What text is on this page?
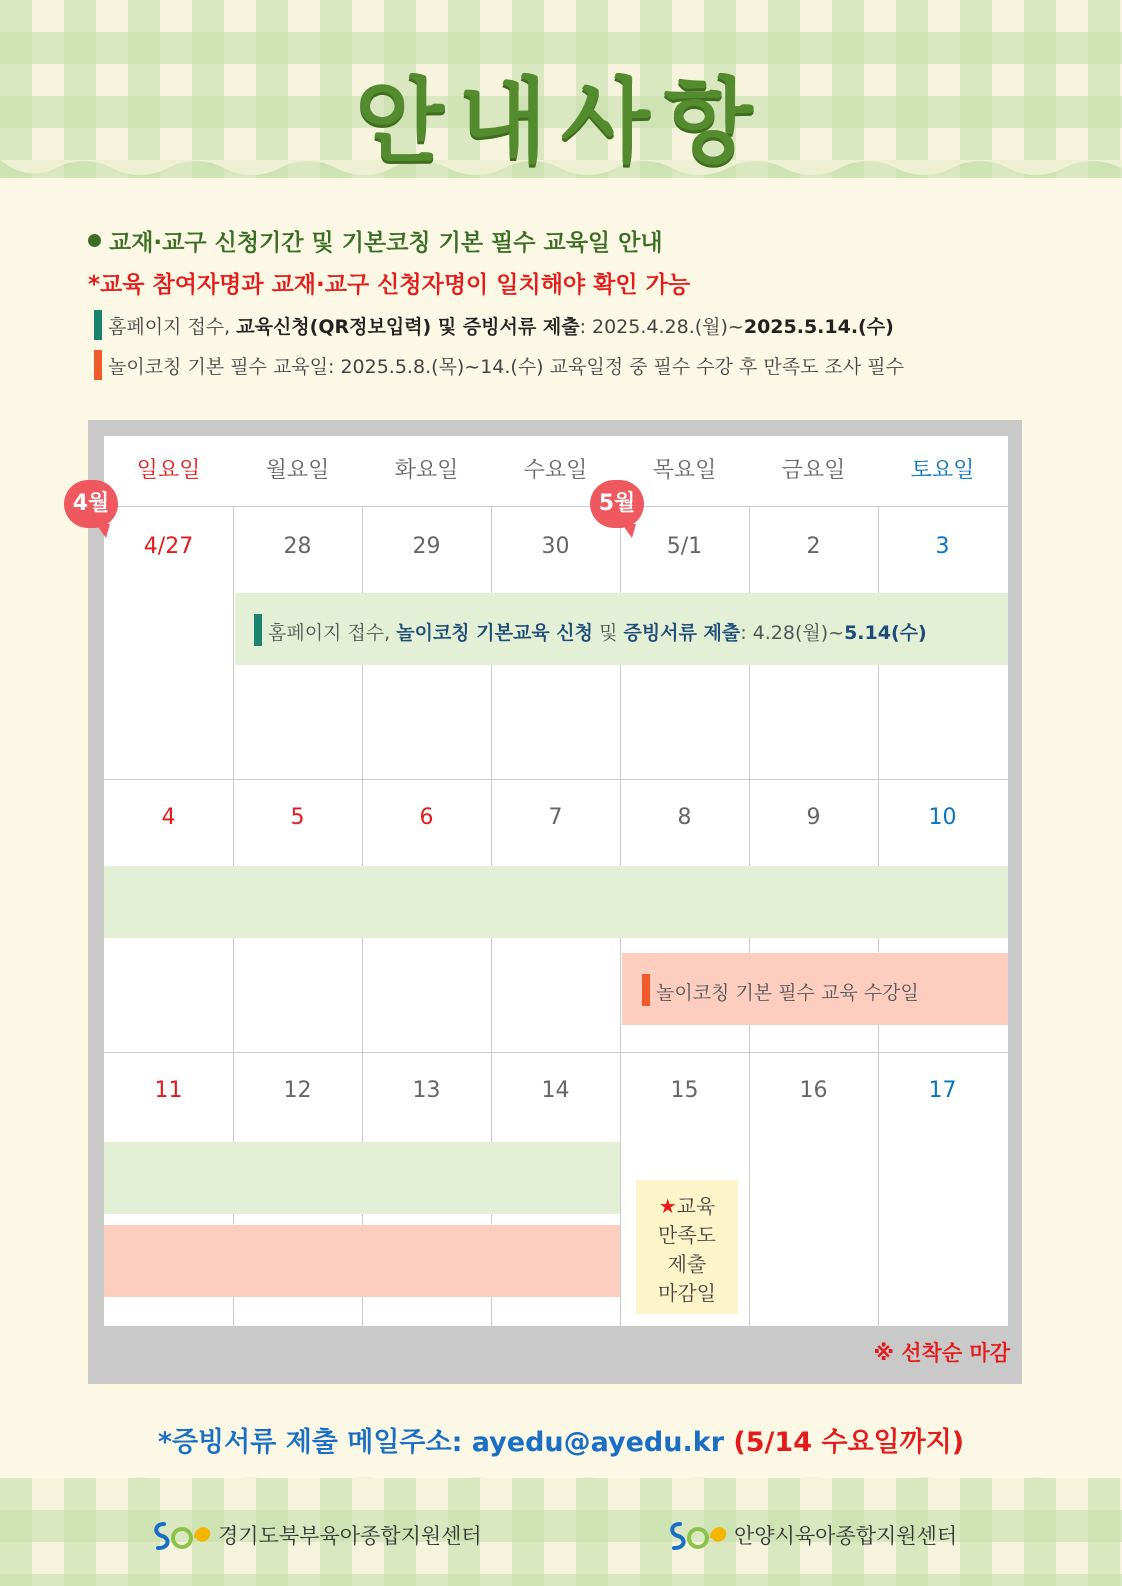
안내사항
교재·교구 신청기간 및 기본코칭 기본 필수 교육일 안내
*교육 참여자명과 교재·교구 신청자명이 일치해야 확인 가능
홈페이지 접수, 교육신청(QR정보입력) 및 증빙서류 제출: 2025.4.28.(월)~2025.5.14.(수)
놀이코칭 기본 필수 교육일: 2025.5.8.(목)~14.(수) 교육일정 중 필수 수강 후 만족도 조사 필수
일요일	월요일	화요일	수요일	목요일	금요일	토요일
4/27	28	29	30	5/1	2	3
4	5	6	7	8	9	10
11	12	13	14	15	16	17
4월	5월
홈페이지 접수, 놀이코칭 기본교육 신청 및 증빙서류 제출: 4.28(월)~5.14(수)
놀이코칭 기본 필수 교육 수강일
★교육
만족도
제출
마감일
※ 선착순 마감
*증빙서류 제출 메일주소: ayedu@ayedu.kr (5/14 수요일까지)
경기도북부육아종합지원센터	안양시육아종합지원센터
